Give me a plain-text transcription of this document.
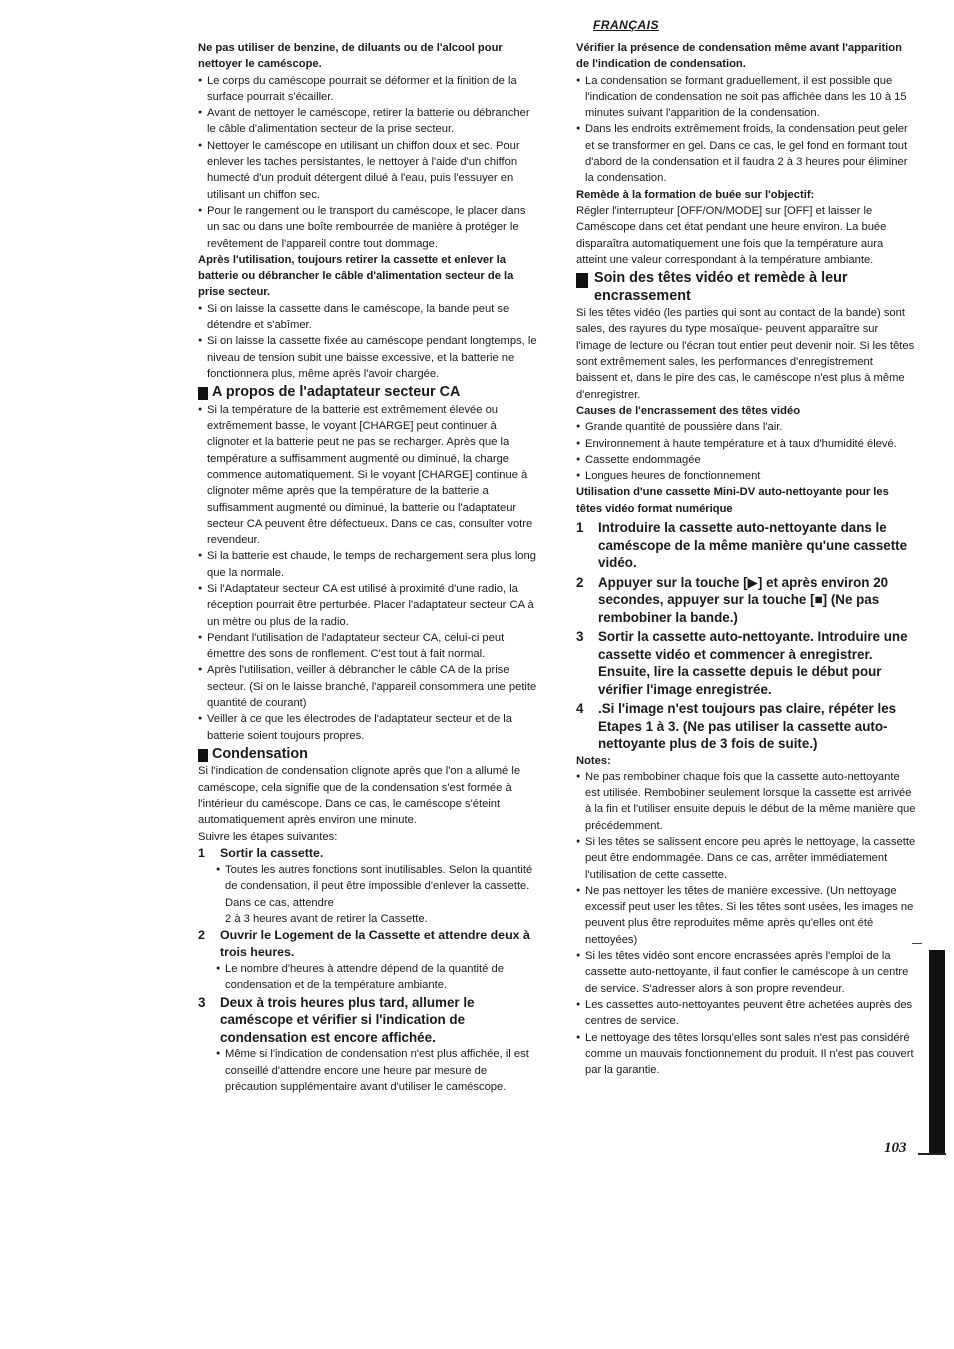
FRANÇAIS

Ne pas utiliser de benzine, de diluants ou de l'alcool pour nettoyer le caméscope.

● Le corps du caméscope pourrait se déformer et la finition de la surface pourrait s'écailler.

● Avant de nettoyer le caméscope, retirer la batterie ou débrancher le câble d'alimentation secteur de la prise secteur.

● Nettoyer le caméscope en utilisant un chiffon doux et sec. Pour enlever les taches persistantes, le nettoyer à l'aide d'un chiffon humecté d'un produit détergent dilué à l'eau, puis l'essuyer en utilisant un chiffon sec.

● Pour le rangement ou le transport du caméscope, le placer dans un sac ou dans une boîte rembourrée de manière à protéger le revêtement de l'appareil contre tout dommage.

Après l'utilisation, toujours retirer la cassette et enlever la batterie ou débrancher le câble d'alimentation secteur de la prise secteur.

● Si on laisse la cassette dans le caméscope, la bande peut se détendre et s'abîmer.

● Si on laisse la cassette fixée au caméscope pendant longtemps, le niveau de tension subit une baisse excessive, et la batterie ne fonctionnera plus, même après l'avoir chargée.

A propos de l'adaptateur secteur CA

● Si la température de la batterie est extrêmement élevée ou extrêmement basse, le voyant [CHARGE] peut continuer à clignoter et la batterie peut ne pas se recharger. Après que la température a suffisamment augmenté ou diminué, la charge commence automatiquement. Si le voyant [CHARGE] continue à clignoter même après que la température de la batterie a suffisamment augmenté ou diminué, la batterie ou l'adaptateur secteur CA peuvent être défectueux. Dans ce cas, consulter votre revendeur.

● Si la batterie est chaude, le temps de rechargement sera plus long que la normale.

● Si l'Adaptateur secteur CA est utilisé à proximité d'une radio, la réception pourrait être perturbée. Placer l'adaptateur secteur CA à un mètre ou plus de la radio.

● Pendant l'utilisation de l'adaptateur secteur CA, celui-ci peut émettre des sons de ronflement. C'est tout à fait normal.

● Après l'utilisation, veiller à débrancher le câble CA de la prise secteur. (Si on le laisse branché, l'appareil consommera une petite quantité de courant)

● Veiller à ce que les électrodes de l'adaptateur secteur et de la batterie soient toujours propres.

Condensation

Si l'indication de condensation clignote après que l'on a allumé le caméscope, cela signifie que de la condensation s'est formée à l'intérieur du caméscope. Dans ce cas, le caméscope s'éteint automatiquement après environ une minute.

Suivre les étapes suivantes:

1 Sortir la cassette.

● Toutes les autres fonctions sont inutilisables. Selon la quantité de condensation, il peut être impossible d'enlever la cassette. Dans ce cas, attendre

2 à 3 heures avant de retirer la Cassette.

2 Ouvrir le Logement de la Cassette et attendre deux à trois heures.

● Le nombre d'heures à attendre dépend de la quantité de condensation et de la température ambiante.

3 Deux à trois heures plus tard, allumer le caméscope et vérifier si l'indication de condensation est encore affichée.

● Même si l'indication de condensation n'est plus affichée, il est conseillé d'attendre encore une heure par mesure de précaution supplémentaire avant d'utiliser le caméscope.

Vérifier la présence de condensation même avant l'apparition de l'indication de condensation.

● La condensation se formant graduellement, il est possible que l'indication de condensation ne soit pas affichée dans les 10 à 15 minutes suivant l'apparition de la condensation.

● Dans les endroits extrêmement froids, la condensation peut geler et se transformer en gel. Dans ce cas, le gel fond en formant tout d'abord de la condensation et il faudra 2 à 3 heures pour éliminer la condensation.

Remède à la formation de buée sur l'objectif:

Régler l'interrupteur [OFF/ON/MODE] sur [OFF] et laisser le Caméscope dans cet état pendant une heure environ. La buée disparaîtra automatiquement une fois que la température aura atteint une valeur correspondant à la température ambiante.

Soin des têtes vidéo et remède à leur encrassement

Si les têtes vidéo (les parties qui sont au contact de la bande) sont sales, des rayures du type mosaïque- peuvent apparaître sur l'image de lecture ou l'écran tout entier peut devenir noir. Si les têtes sont extrêmement sales, les performances d'enregistrement baissent et, dans le pire des cas, le caméscope n'est plus à même d'enregistrer.

Causes de l'encrassement des têtes vidéo

● Grande quantité de poussière dans l'air.

● Environnement à haute température et à taux d'humidité élevé.

● Cassette endommagée

● Longues heures de fonctionnement

Utilisation d'une cassette Mini-DV auto-nettoyante pour les têtes vidéo format numérique

1 Introduire la cassette auto-nettoyante dans le caméscope de la même manière qu'une cassette vidéo.
2 Appuyer sur la touche [▶] et après environ 20 secondes, appuyer sur la touche [■] (Ne pas rembobiner la bande.)
3 Sortir la cassette auto-nettoyante. Introduire une cassette vidéo et commencer à enregistrer. Ensuite, lire la cassette depuis le début pour vérifier l'image enregistrée.
4 .Si l'image n'est toujours pas claire, répéter les Etapes 1 à 3. (Ne pas utiliser la cassette auto-nettoyante plus de 3 fois de suite.)

Notes:

● Ne pas rembobiner chaque fois que la cassette auto-nettoyante est utilisée. Rembobiner seulement lorsque la cassette est arrivée à la fin et l'utiliser ensuite depuis le début de la même manière que précédemment.

● Si les têtes se salissent encore peu après le nettoyage, la cassette peut être endommagée. Dans ce cas, arrêter immédiatement l'utilisation de cette cassette.

● Ne pas nettoyer les têtes de manière excessive. (Un nettoyage excessif peut user les têtes. Si les têtes sont usées, les images ne peuvent plus être reproduites même après qu'elles ont été nettoyées)

● Si les têtes vidéo sont encore encrassées après l'emploi de la cassette auto-nettoyante, il faut confier le caméscope à un centre de service. S'adresser alors à son propre revendeur.

● Les cassettes auto-nettoyantes peuvent être achetées auprès des centres de service.

● Le nettoyage des têtes lorsqu'elles sont sales n'est pas considéré comme un mauvais fonctionnement du produit. Il n'est pas couvert par la garantie.

103
